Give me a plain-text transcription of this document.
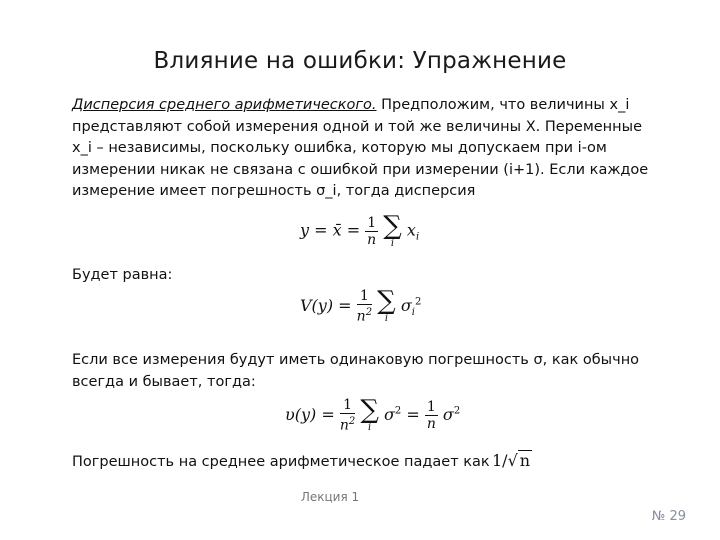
Влияние на ошибки: Упражнение
Дисперсия среднего арифметического. Предположим, что величины x_i представляют собой измерения одной и той же величины X. Переменные x_i – независимы, поскольку ошибка, которую мы допускаем при i-ом измерении никак не связана с ошибкой при измерении (i+1). Если каждое измерение имеет погрешность σ_i, тогда дисперсия
y = x̄ = $\frac{1}{n}$
∑
i
$x_i$
Будет равна:
$V(y) = \frac{1}{n^2}$
∑
i
$\sigma_i^2$
Если все измерения будут иметь одинаковую погрешность σ, как обычно всегда и бывает, тогда:
$\upsilon(y) = \frac{1}{n^2}$
∑
i
$\sigma^2 = \frac{1}{n} \sigma^2$
Погрешность на среднее арифметическое падает как 1/√ n
Лекция 1
№ 29
